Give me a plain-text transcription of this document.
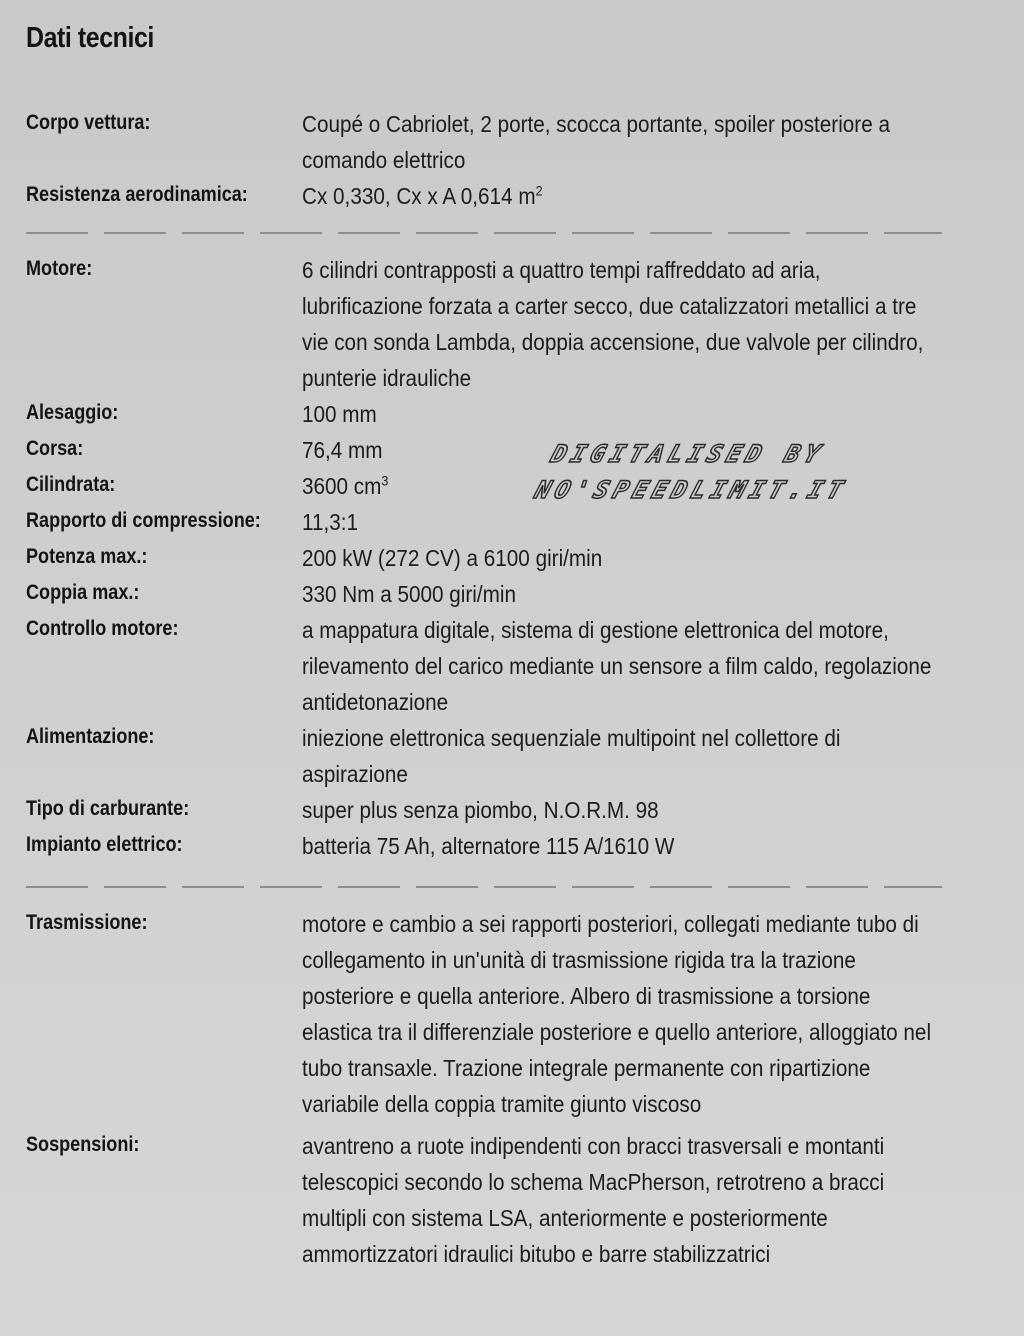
Dati tecnici
Corpo vettura:	Coupé o Cabriolet, 2 porte, scocca portante, spoiler posteriore a comando elettrico
Resistenza aerodinamica:	Cx 0,330, Cx x A 0,614 $m^2$
Motore:	6 cilindri contrapposti a quattro tempi raffreddato ad aria, lubrificazione forzata a carter secco, due catalizzatori metallici a tre vie con sonda Lambda, doppia accensione, due valvole per cilindro, punterie idrauliche
Alesaggio:	100 mm
Corsa:	76,4 mm
Cilindrata:	3600 $cm^3$
Rapporto di compressione:	11,3:1
Potenza max.:	200 kW (272 CV) a 6100 giri/min
Coppia max.:	330 Nm a 5000 giri/min
Controllo motore:	a mappatura digitale, sistema di gestione elettronica del motore, rilevamento del carico mediante un sensore a film caldo, regolazione antidetonazione
Alimentazione:	iniezione elettronica sequenziale multipoint nel collettore di aspirazione
Tipo di carburante:	super plus senza piombo, N.O.R.M. 98
Impianto elettrico:	batteria 75 Ah, alternatore 115 A/1610 W
Trasmissione:	motore e cambio a sei rapporti posteriori, collegati mediante tubo di collegamento in un'unità di trasmissione rigida tra la trazione posteriore e quella anteriore. Albero di trasmissione a torsione elastica tra il differenziale posteriore e quello anteriore, alloggiato nel tubo transaxle. Trazione integrale permanente con ripartizione variabile della coppia tramite giunto viscoso
Sospensioni:	avantreno a ruote indipendenti con bracci trasversali e montanti telescopici secondo lo schema MacPherson, retrotreno a bracci multipli con sistema LSA, anteriormente e posteriormente ammortizzatori idraulici bitubo e barre stabilizzatrici
DIGITALISED BY
NO'SPEEDLIMIT.IT
